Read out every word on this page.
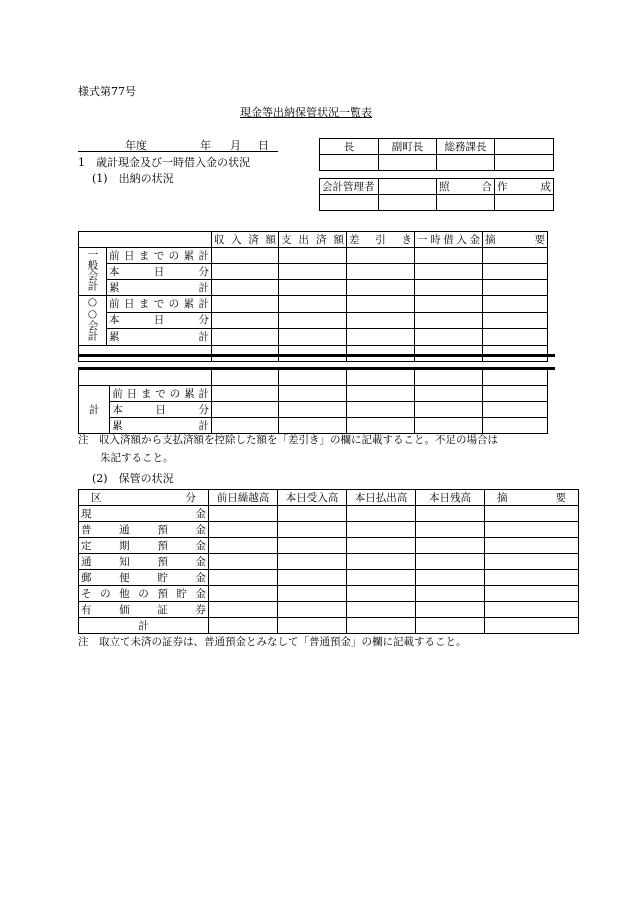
様式第77号
現金等出納保管状況一覧表
年度	年 月 日
1　歳計現金及び一時借入金の状況
(1)　出納の状況
長	副町長	総務課長	

会計管理者		照　合	作　成

		収入済額	支出済額	差　引　き	一時借入金	摘　要
一般会計	前日までの累計					
	本　日　分					
	累　計					
○○会計	前日までの累計					
	本　日　分					
	累　計					

計	前日までの累計					
	本　日　分					
	累　計					
注　収入済額から支払済額を控除した額を「差引き」の欄に記載すること。不足の場合は
朱記すること。
(2)　保管の状況
区　分	前日繰越高	本日受入高	本日払出高	本日残高	摘　要
現　金					
普通預金					
定期預金					
通知預金					
郵便貯金					
その他の預貯金					
有価証券					
計					
注　取立て未済の証券は、普通預金とみなして「普通預金」の欄に記載すること。
